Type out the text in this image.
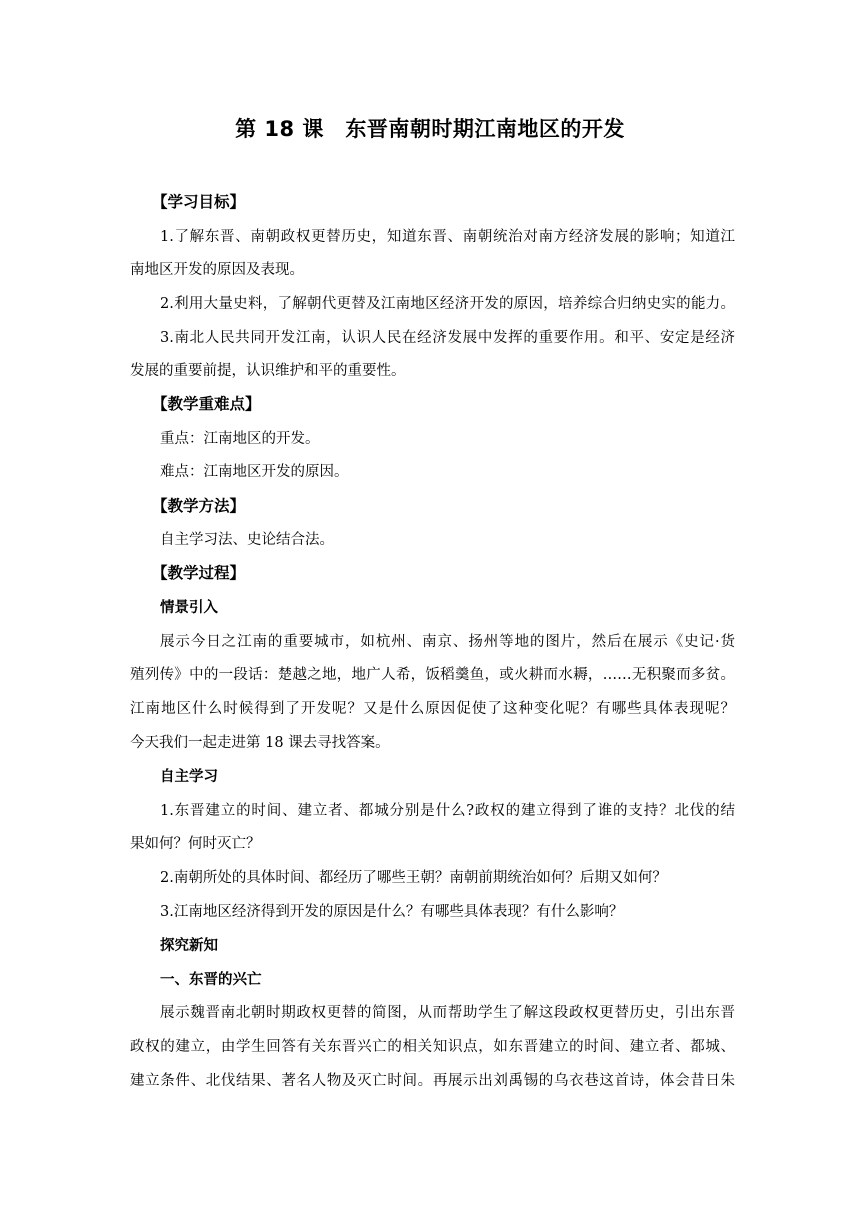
第 18 课　东晋南朝时期江南地区的开发
【学习目标】
1.了解东晋、南朝政权更替历史，知道东晋、南朝统治对南方经济发展的影响；知道江
南地区开发的原因及表现。
2.利用大量史料，了解朝代更替及江南地区经济开发的原因，培养综合归纳史实的能力。
3.南北人民共同开发江南，认识人民在经济发展中发挥的重要作用。和平、安定是经济
发展的重要前提，认识维护和平的重要性。
【教学重难点】
重点：江南地区的开发。
难点：江南地区开发的原因。
【教学方法】
自主学习法、史论结合法。
【教学过程】
情景引入
展示今日之江南的重要城市，如杭州、南京、扬州等地的图片，然后在展示《史记·货
殖列传》中的一段话：楚越之地，地广人希，饭稻羹鱼，或火耕而水耨，……无积聚而多贫。
江南地区什么时候得到了开发呢？又是什么原因促使了这种变化呢？有哪些具体表现呢？
今天我们一起走进第 18 课去寻找答案。
自主学习
1.东晋建立的时间、建立者、都城分别是什么?政权的建立得到了谁的支持？北伐的结
果如何？何时灭亡？
2.南朝所处的具体时间、都经历了哪些王朝？南朝前期统治如何？后期又如何？
3.江南地区经济得到开发的原因是什么？有哪些具体表现？有什么影响？
探究新知
一、东晋的兴亡
展示魏晋南北朝时期政权更替的简图，从而帮助学生了解这段政权更替历史，引出东晋
政权的建立，由学生回答有关东晋兴亡的相关知识点，如东晋建立的时间、建立者、都城、
建立条件、北伐结果、著名人物及灭亡时间。再展示出刘禹锡的乌衣巷这首诗，体会昔日朱
